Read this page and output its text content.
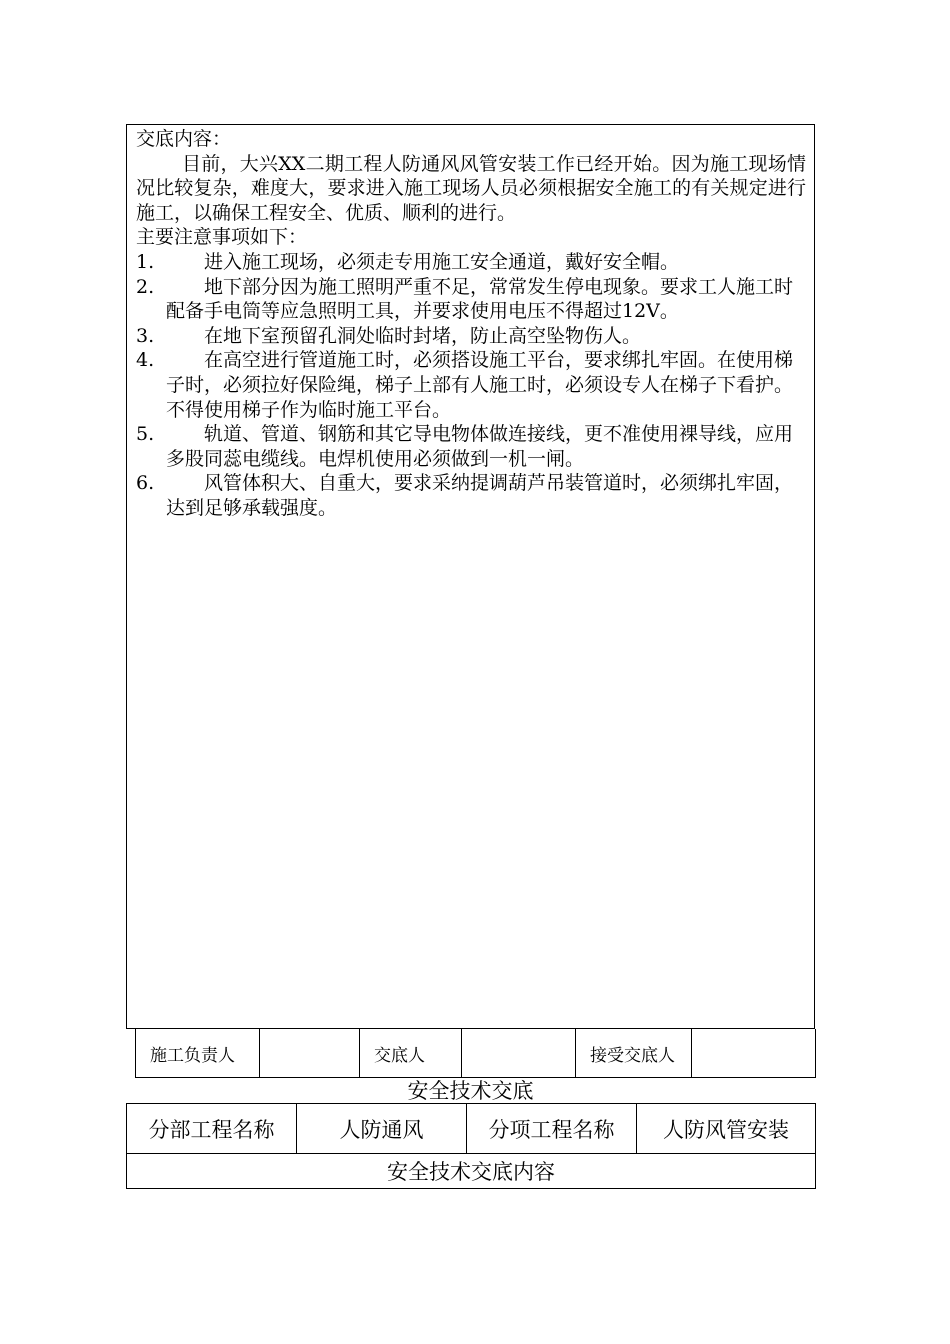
交底内容：

目前，大兴XX二期工程人防通风风管安装工作已经开始。因为施工现场情况比较复杂，难度大，要求进入施工现场人员必须根据安全施工的有关规定进行施工，以确保工程安全、优质、顺利的进行。

主要注意事项如下：

1.	进入施工现场，必须走专用施工安全通道，戴好安全帽。
2.	地下部分因为施工照明严重不足，常常发生停电现象。要求工人施工时配备手电筒等应急照明工具，并要求使用电压不得超过12V。
3.	在地下室预留孔洞处临时封堵，防止高空坠物伤人。
4.	在高空进行管道施工时，必须搭设施工平台，要求绑扎牢固。在使用梯子时，必须拉好保险绳，梯子上部有人施工时，必须设专人在梯子下看护。不得使用梯子作为临时施工平台。
5.	轨道、管道、钢筋和其它导电物体做连接线，更不准使用裸导线，应用多股同蕊电缆线。电焊机使用必须做到一机一闸。
6.	风管体积大、自重大，要求采纳提调葫芦吊装管道时，必须绑扎牢固，达到足够承载强度。
施工负责人		交底人		接受交底人	
安全技术交底
分部工程名称	人防通风	分项工程名称	人防风管安装
安全技术交底内容
